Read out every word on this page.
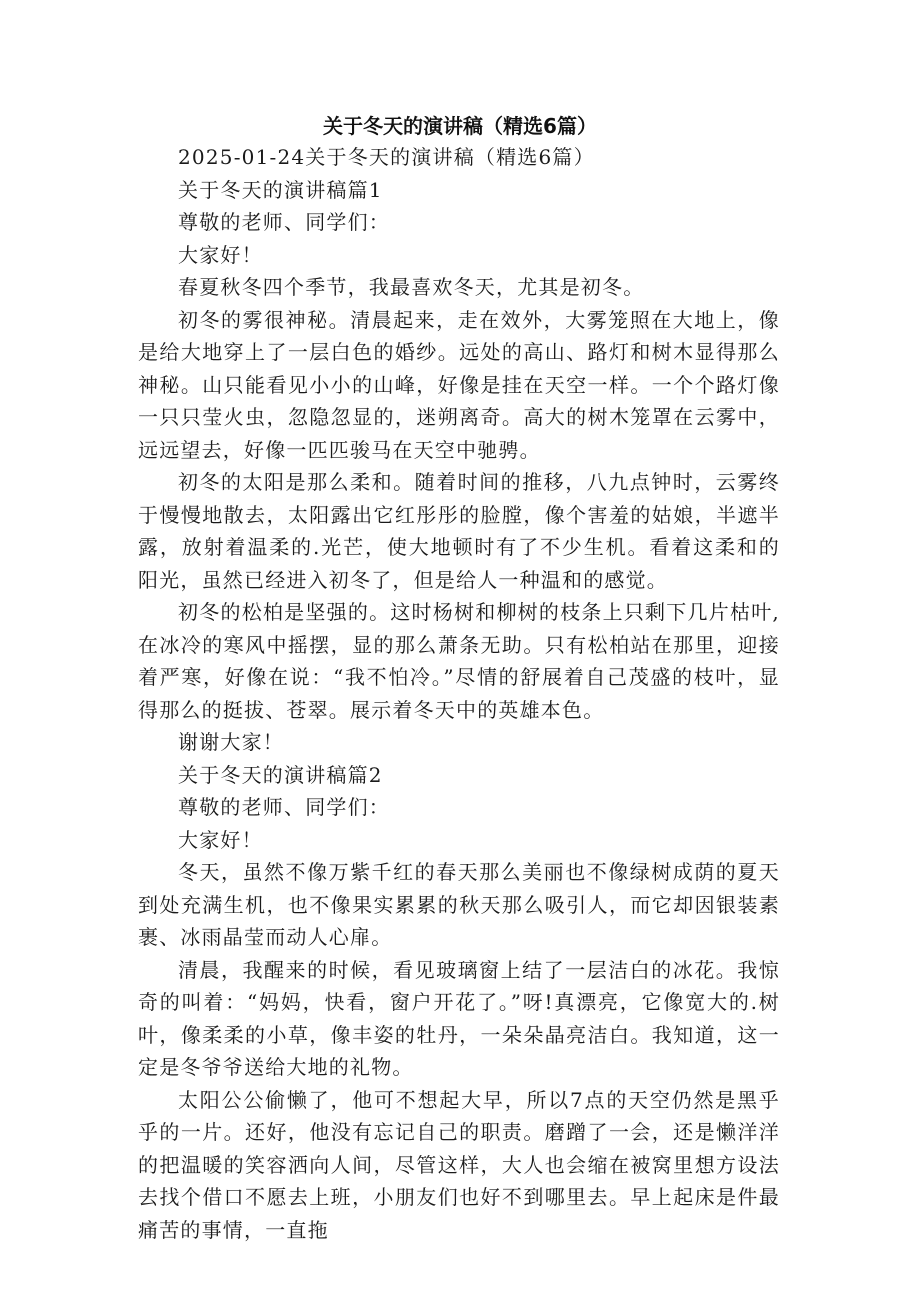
关于冬天的演讲稿（精选6篇）

2025-01-24关于冬天的演讲稿（精选6篇）

关于冬天的演讲稿篇1

尊敬的老师、同学们：

大家好！

春夏秋冬四个季节，我最喜欢冬天，尤其是初冬。

初冬的雾很神秘。清晨起来，走在效外，大雾笼照在大地上，像是给大地穿上了一层白色的婚纱。远处的高山、路灯和树木显得那么神秘。山只能看见小小的山峰，好像是挂在天空一样。一个个路灯像一只只莹火虫，忽隐忽显的，迷朔离奇。高大的树木笼罩在云雾中，远远望去，好像一匹匹骏马在天空中驰骋。

初冬的太阳是那么柔和。随着时间的推移，八九点钟时，云雾终于慢慢地散去，太阳露出它红彤彤的脸膛，像个害羞的姑娘，半遮半露，放射着温柔的.光芒，使大地顿时有了不少生机。看着这柔和的阳光，虽然已经进入初冬了，但是给人一种温和的感觉。

初冬的松柏是坚强的。这时杨树和柳树的枝条上只剩下几片枯叶,在冰冷的寒风中摇摆，显的那么萧条无助。只有松柏站在那里，迎接着严寒，好像在说：“我不怕冷。”尽情的舒展着自己茂盛的枝叶，显得那么的挺拔、苍翠。展示着冬天中的英雄本色。

谢谢大家！

关于冬天的演讲稿篇2

尊敬的老师、同学们：

大家好！

冬天，虽然不像万紫千红的春天那么美丽也不像绿树成荫的夏天到处充满生机，也不像果实累累的秋天那么吸引人，而它却因银装素裹、冰雨晶莹而动人心扉。

清晨，我醒来的时候，看见玻璃窗上结了一层洁白的冰花。我惊奇的叫着：“妈妈，快看，窗户开花了。”呀!真漂亮，它像宽大的.树叶，像柔柔的小草，像丰姿的牡丹，一朵朵晶亮洁白。我知道，这一定是冬爷爷送给大地的礼物。

太阳公公偷懒了，他可不想起大早，所以7点的天空仍然是黑乎乎的一片。还好，他没有忘记自己的职责。磨蹭了一会，还是懒洋洋的把温暖的笑容洒向人间，尽管这样，大人也会缩在被窝里想方设法去找个借口不愿去上班，小朋友们也好不到哪里去。早上起床是件最痛苦的事情，一直拖
